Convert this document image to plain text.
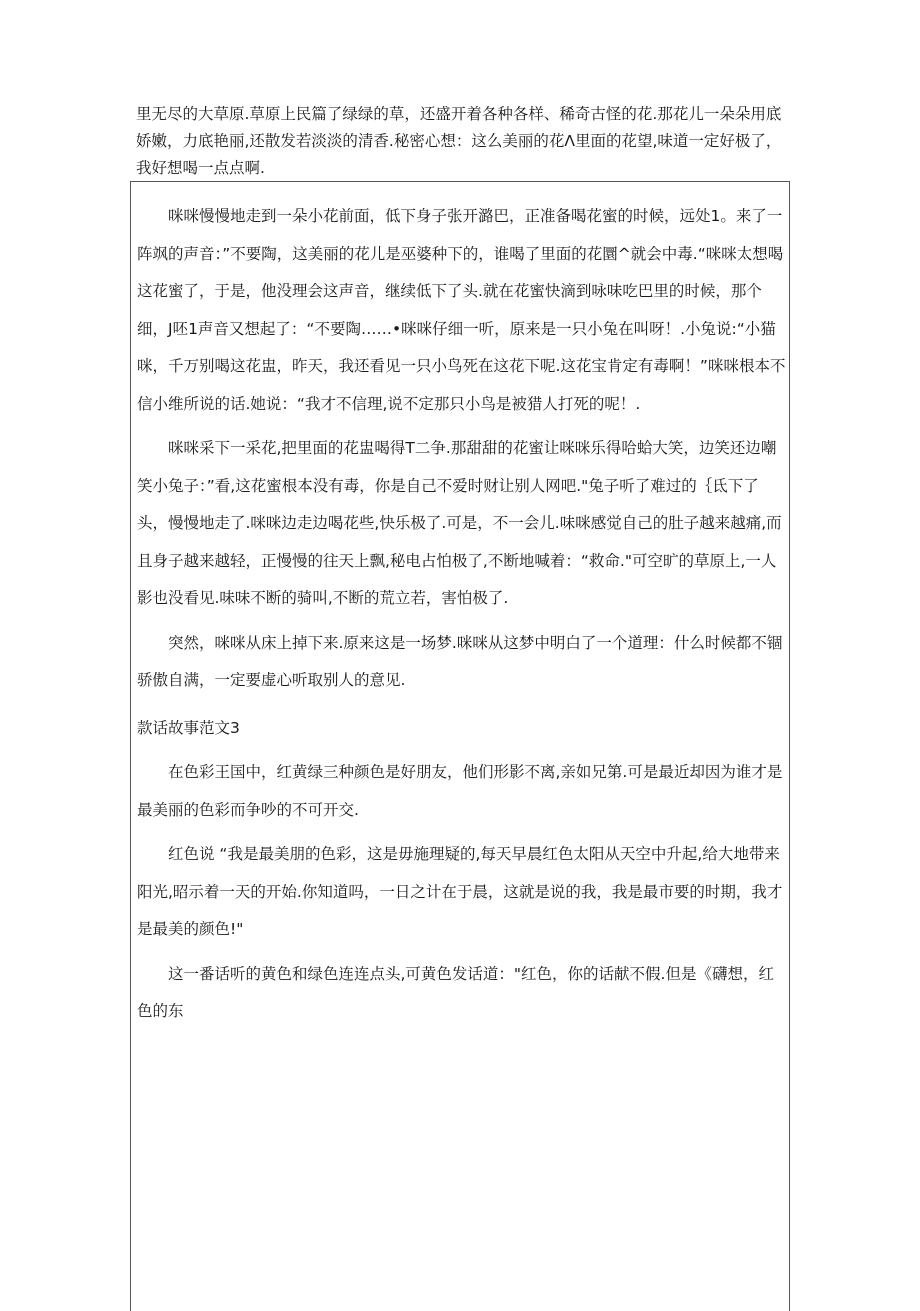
里无尽的大草原.草原上民篇了绿绿的草，还盛开着各种各样、稀奇古怪的花.那花儿一朵朵用底娇嫩，力底艳丽,还散发若淡淡的清香.秘密心想：这么美丽的花Λ里面的花望,味道一定好极了，我好想喝一点点啊.

咪咪慢慢地走到一朵小花前面，低下身子张开潞巴，正准备喝花蜜的时候，远处1。来了一阵飒的声音：”不要陶，这美丽的花儿是巫婆种下的，谁喝了里面的花圜^就会中毒.“咪咪太想喝这花蜜了，于是，他没理会这声音，继续低下了头.就在花蜜快滴到咏味吃巴里的时候，那个细，J呸1声音又想起了：“不要陶……•咪咪仔细一听，原来是一只小兔在叫呀！.小兔说:“小猫咪，千万别喝这花盅，昨天，我还看见一只小鸟死在这花下呢.这花宝肯定有毒啊！”咪咪根本不信小维所说的话.她说：“我才不信理,说不定那只小鸟是被猎人打死的呢！.

咪咪采下一采花,把里面的花盅喝得T二争.那甜甜的花蜜让咪咪乐得哈蛤大笑，边笑还边嘲笑小兔子：”看,这花蜜根本没有毒，你是自己不爱时财让别人网吧."兔子听了难过的｛氐下了头，慢慢地走了.咪咪边走边喝花些,快乐极了.可是，不一会儿.味咪感觉自己的肚子越来越痛,而且身子越来越轻，正慢慢的往天上飘,秘电占怕极了,不断地喊着：“救命."可空旷的草原上,一人影也没看见.味味不断的骑叫,不断的荒立若，害怕极了.

突然，咪咪从床上掉下来.原来这是一场梦.咪咪从这梦中明白了一个道理：什么时候都不锢骄傲自满，一定要虚心听取别人的意见.

款话故事范文3

在色彩王国中，红黄绿三种颜色是好朋友，他们形影不离,亲如兄第.可是最近却因为谁才是最美丽的色彩而争吵的不可开交.

红色说 “我是最美朋的色彩，这是毋施理疑的,每天早晨红色太阳从天空中升起,给大地带来阳光,昭示着一天的开始.你知道吗，一日之计在于晨，这就是说的我，我是最市要的时期，我才是最美的颜色!"

这一番话听的黄色和绿色连连点头,可黄色发话道："红色，你的话献不假.但是《礴想，红色的东
